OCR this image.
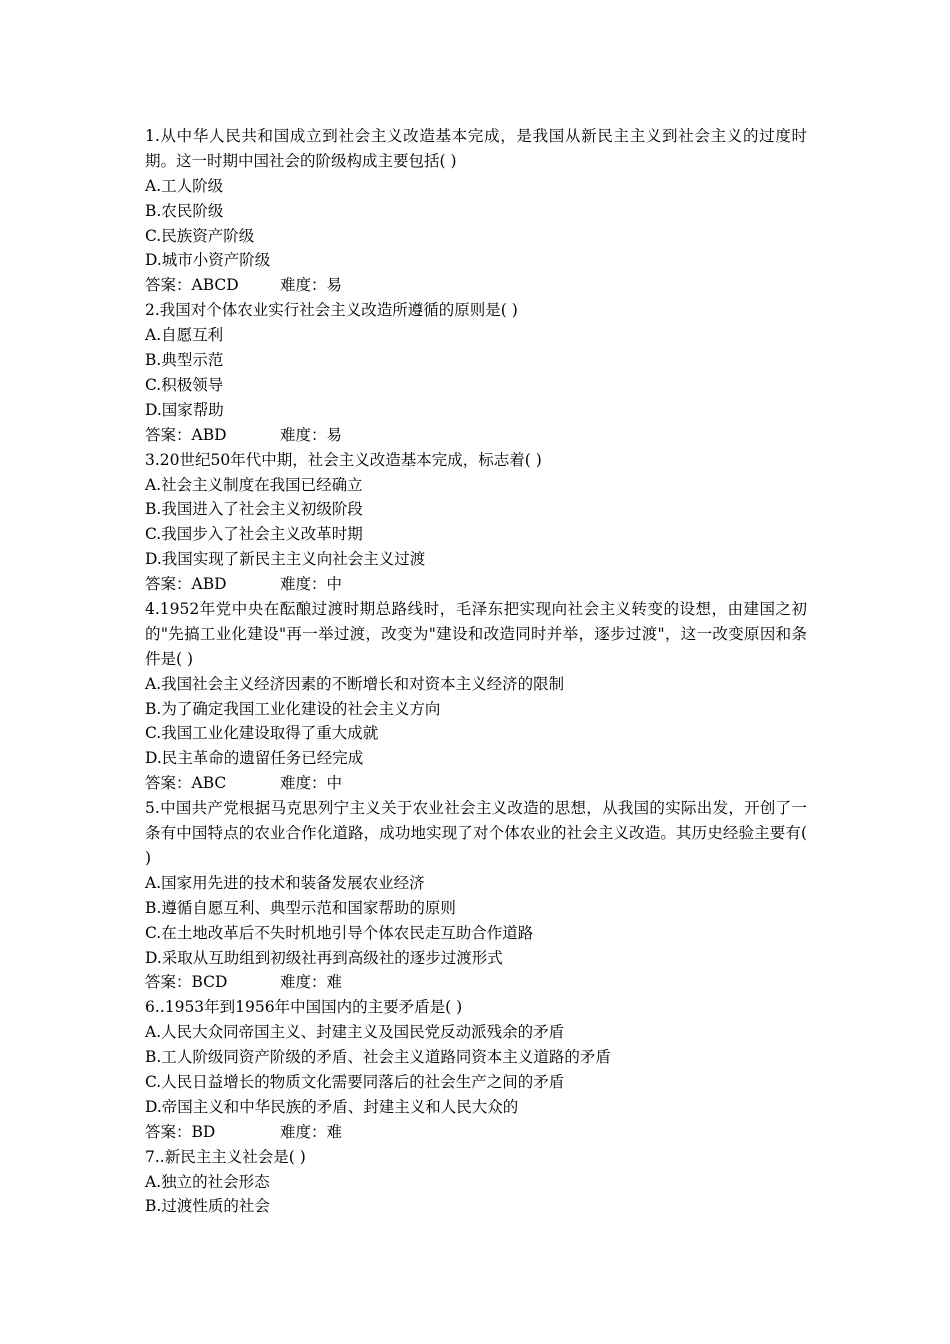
1.从中华人民共和国成立到社会主义改造基本完成，是我国从新民主主义到社会主义的过度时期。这一时期中国社会的阶级构成主要包括( )
A.工人阶级
B.农民阶级
C.民族资产阶级
D.城市小资产阶级
答案：ABCD	难度：易
2.我国对个体农业实行社会主义改造所遵循的原则是( )
A.自愿互利
B.典型示范
C.积极领导
D.国家帮助
答案：ABD	难度：易
3.20世纪50年代中期，社会主义改造基本完成，标志着( )
A.社会主义制度在我国已经确立
B.我国进入了社会主义初级阶段
C.我国步入了社会主义改革时期
D.我国实现了新民主主义向社会主义过渡
答案：ABD	难度：中
4.1952年党中央在酝酿过渡时期总路线时，毛泽东把实现向社会主义转变的设想，由建国之初的"先搞工业化建设"再一举过渡，改变为"建设和改造同时并举，逐步过渡"，这一改变原因和条件是( )
A.我国社会主义经济因素的不断增长和对资本主义经济的限制
B.为了确定我国工业化建设的社会主义方向
C.我国工业化建设取得了重大成就
D.民主革命的遗留任务已经完成
答案：ABC	难度：中
5.中国共产党根据马克思列宁主义关于农业社会主义改造的思想，从我国的实际出发，开创了一条有中国特点的农业合作化道路，成功地实现了对个体农业的社会主义改造。其历史经验主要有( )
A.国家用先进的技术和装备发展农业经济
B.遵循自愿互利、典型示范和国家帮助的原则
C.在土地改革后不失时机地引导个体农民走互助合作道路
D.采取从互助组到初级社再到高级社的逐步过渡形式
答案：BCD	难度：难
6..1953年到1956年中国国内的主要矛盾是( )
A.人民大众同帝国主义、封建主义及国民党反动派残余的矛盾
B.工人阶级同资产阶级的矛盾、社会主义道路同资本主义道路的矛盾
C.人民日益增长的物质文化需要同落后的社会生产之间的矛盾
D.帝国主义和中华民族的矛盾、封建主义和人民大众的
答案：BD	难度：难
7..新民主主义社会是( )
A.独立的社会形态
B.过渡性质的社会
